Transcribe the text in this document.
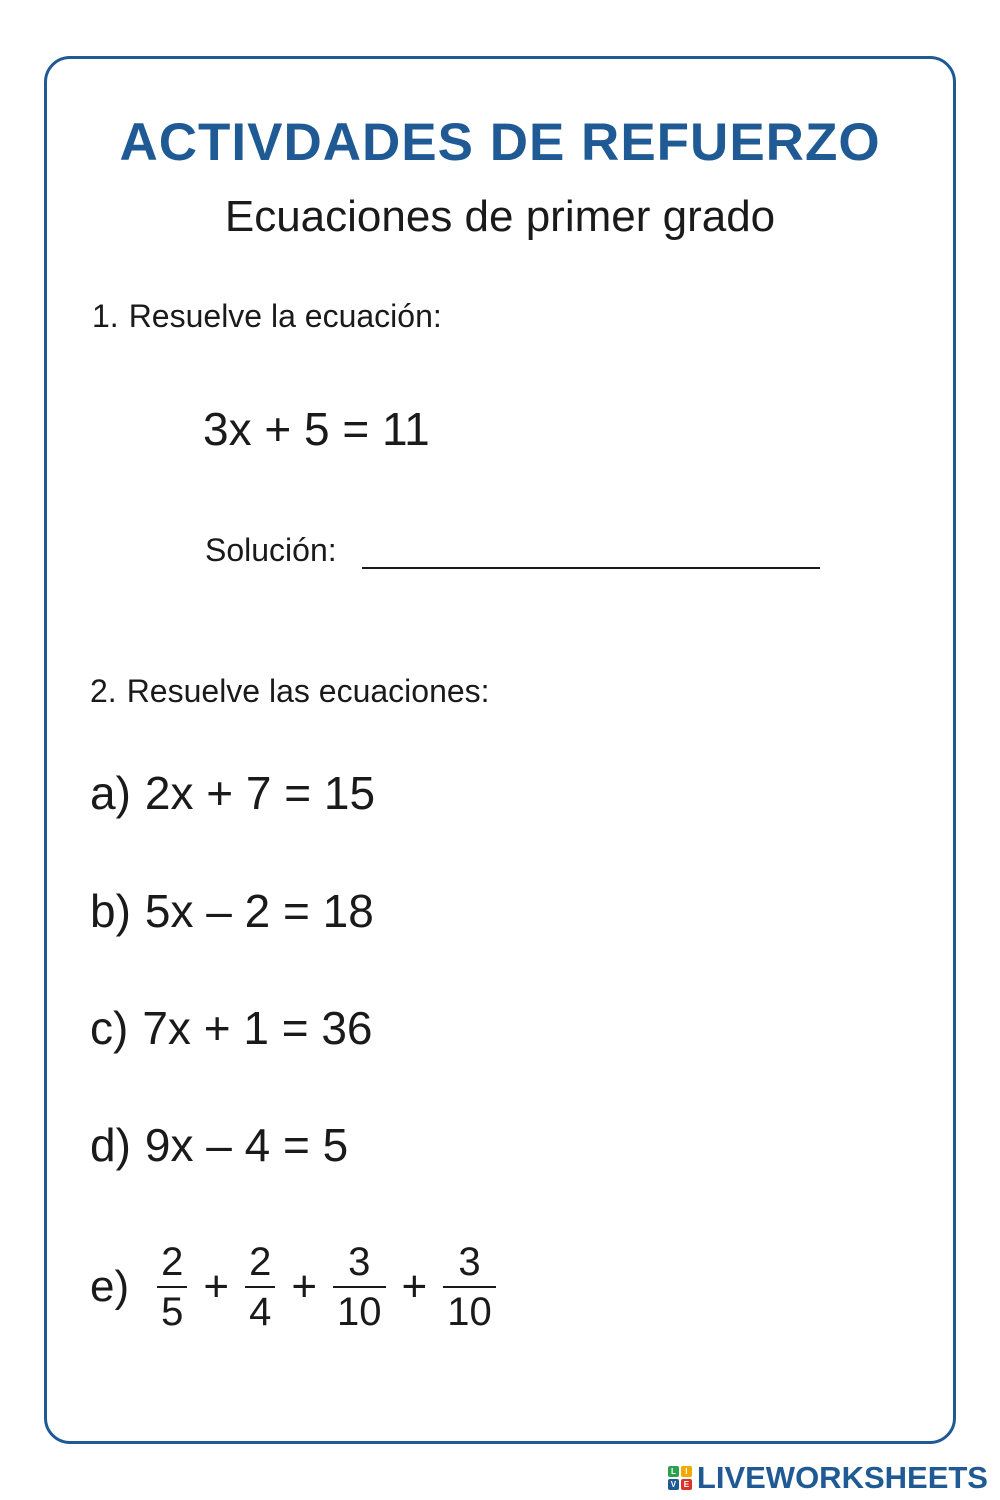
ACTIVDADES DE REFUERZO
Ecuaciones de primer grado
1. Resuelve la ecuación:
3x + 5 = 11
Solución:
2. Resuelve las ecuaciones:
a) 2x + 7 = 15
b) 5x – 2 = 18
c) 7x + 1 = 36
d) 9x – 4 = 5
$e) \frac{2}{5} + \frac{2}{4} + \frac{3}{10} + \frac{3}{10}$
L	I
V E LIVEWORKSHEETS
